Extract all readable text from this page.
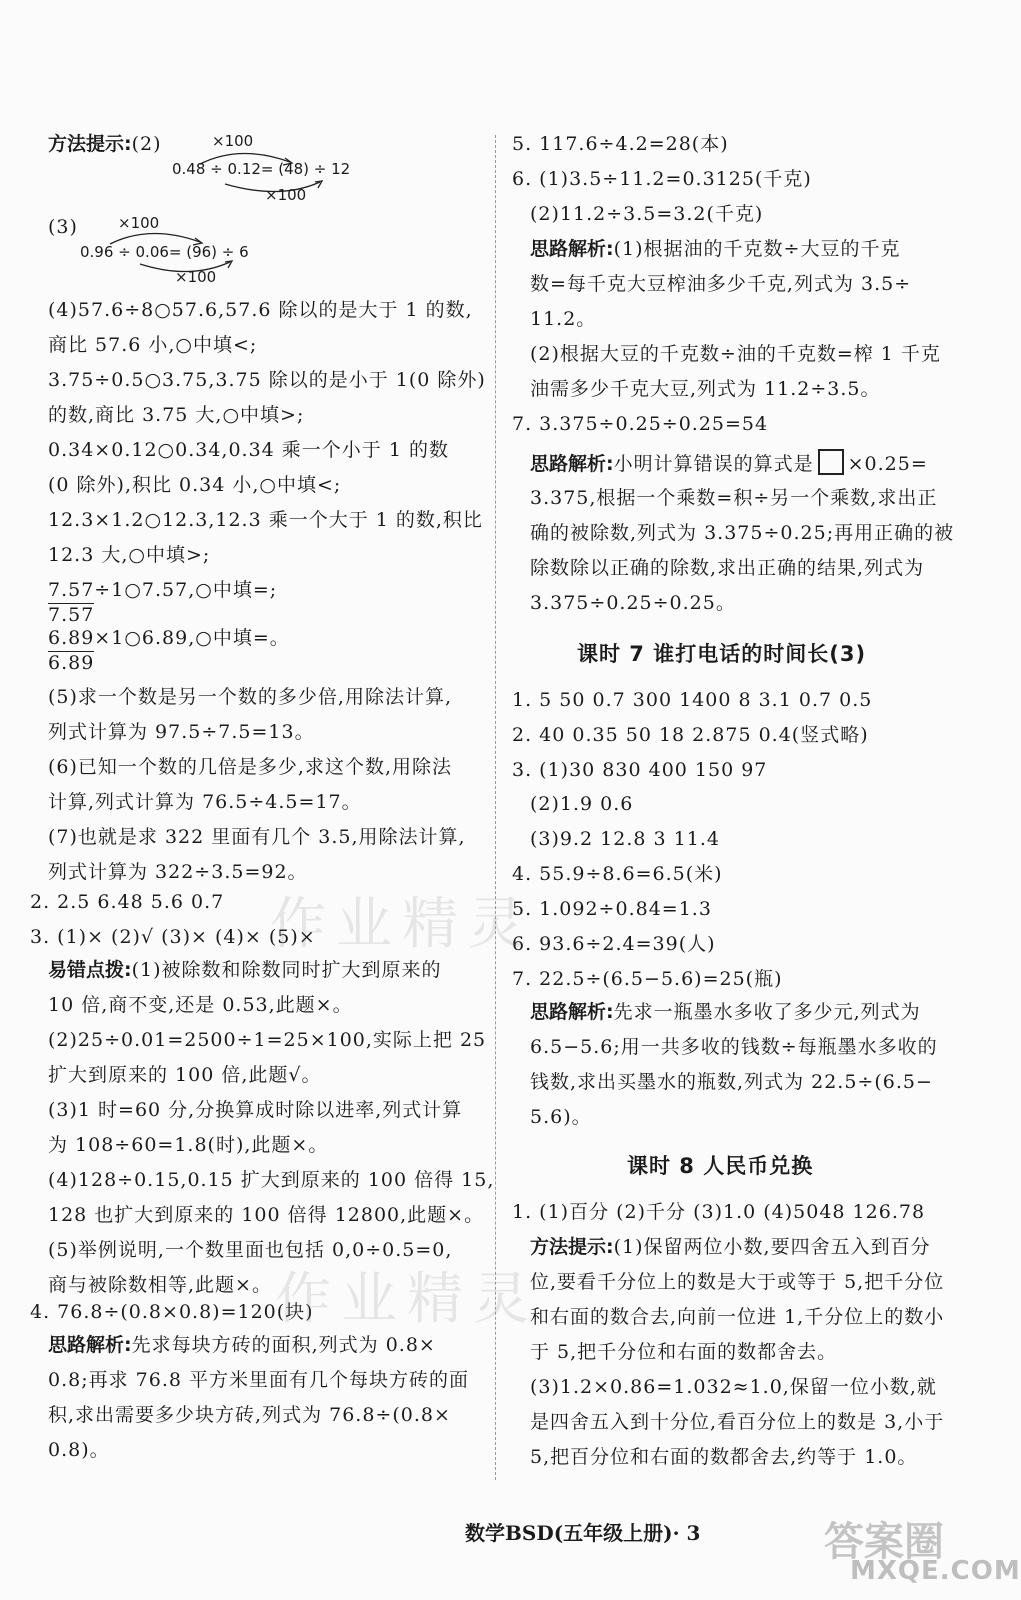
方法提示:(2)	×100
0.48 ÷ 0.12= (48) ÷ 12
×100
(3)	×100
0.96 ÷ 0.06= (96) ÷ 6
×100
(4)57.6÷8○57.6,57.6 除以的是大于 1 的数,
商比 57.6 小,○中填<;
3.75÷0.5○3.75,3.75 除以的是小于 1(0 除外)
的数,商比 3.75 大,○中填>;
0.34×0.12○0.34,0.34 乘一个小于 1 的数
(0 除外),积比 0.34 小,○中填<;
12.3×1.2○12.3,12.3 乘一个大于 1 的数,积比
12.3 大,○中填>;
7.57÷1○7.57,○中填=;
7.57
6.89×1○6.89,○中填=。
6.89
(5)求一个数是另一个数的多少倍,用除法计算,
列式计算为 97.5÷7.5=13。
(6)已知一个数的几倍是多少,求这个数,用除法
计算,列式计算为 76.5÷4.5=17。
(7)也就是求 322 里面有几个 3.5,用除法计算,
列式计算为 322÷3.5=92。
2. 2.5 6.48 5.6 0.7
3. (1)× (2)√ (3)× (4)× (5)×
易错点拨:(1)被除数和除数同时扩大到原来的
10 倍,商不变,还是 0.53,此题×。
(2)25÷0.01=2500÷1=25×100,实际上把 25
扩大到原来的 100 倍,此题√。
(3)1 时=60 分,分换算成时除以进率,列式计算
为 108÷60=1.8(时),此题×。
(4)128÷0.15,0.15 扩大到原来的 100 倍得 15,
128 也扩大到原来的 100 倍得 12800,此题×。
(5)举例说明,一个数里面也包括 0,0÷0.5=0,
商与被除数相等,此题×。
4. 76.8÷(0.8×0.8)=120(块)
思路解析:先求每块方砖的面积,列式为 0.8×
0.8;再求 76.8 平方米里面有几个每块方砖的面
积,求出需要多少块方砖,列式为 76.8÷(0.8×
0.8)。
5. 117.6÷4.2=28(本)
6. (1)3.5÷11.2=0.3125(千克)
(2)11.2÷3.5=3.2(千克)
思路解析:(1)根据油的千克数÷大豆的千克
数=每千克大豆榨油多少千克,列式为 3.5÷
11.2。
(2)根据大豆的千克数÷油的千克数=榨 1 千克
油需多少千克大豆,列式为 11.2÷3.5。
7. 3.375÷0.25÷0.25=54
思路解析:小明计算错误的算式是 ×0.25=
3.375,根据一个乘数=积÷另一个乘数,求出正
确的被除数,列式为 3.375÷0.25;再用正确的被
除数除以正确的除数,求出正确的结果,列式为
3.375÷0.25÷0.25。
1. 5 50 0.7 300 1400 8 3.1 0.7 0.5
2. 40 0.35 50 18 2.875 0.4(竖式略)
3. (1)30 830 400 150 97
(2)1.9 0.6
(3)9.2 12.8 3 11.4
4. 55.9÷8.6=6.5(米)
5. 1.092÷0.84=1.3
6. 93.6÷2.4=39(人)
7. 22.5÷(6.5−5.6)=25(瓶)
思路解析:先求一瓶墨水多收了多少元,列式为
6.5−5.6;用一共多收的钱数÷每瓶墨水多收的
钱数,求出买墨水的瓶数,列式为 22.5÷(6.5−
5.6)。
1. (1)百分 (2)千分 (3)1.0 (4)5048 126.78
方法提示:(1)保留两位小数,要四舍五入到百分
位,要看千分位上的数是大于或等于 5,把千分位
和右面的数合去,向前一位进 1,千分位上的数小
于 5,把千分位和右面的数都舍去。
(3)1.2×0.86=1.032≈1.0,保留一位小数,就
是四舍五入到十分位,看百分位上的数是 3,小于
5,把百分位和右面的数都舍去,约等于 1.0。
课时 7 谁打电话的时间长(3)
课时 8 人民币兑换
作业精灵
作业精灵
数学BSD(五年级上册)· 3	答案圈
MXQE.COM
